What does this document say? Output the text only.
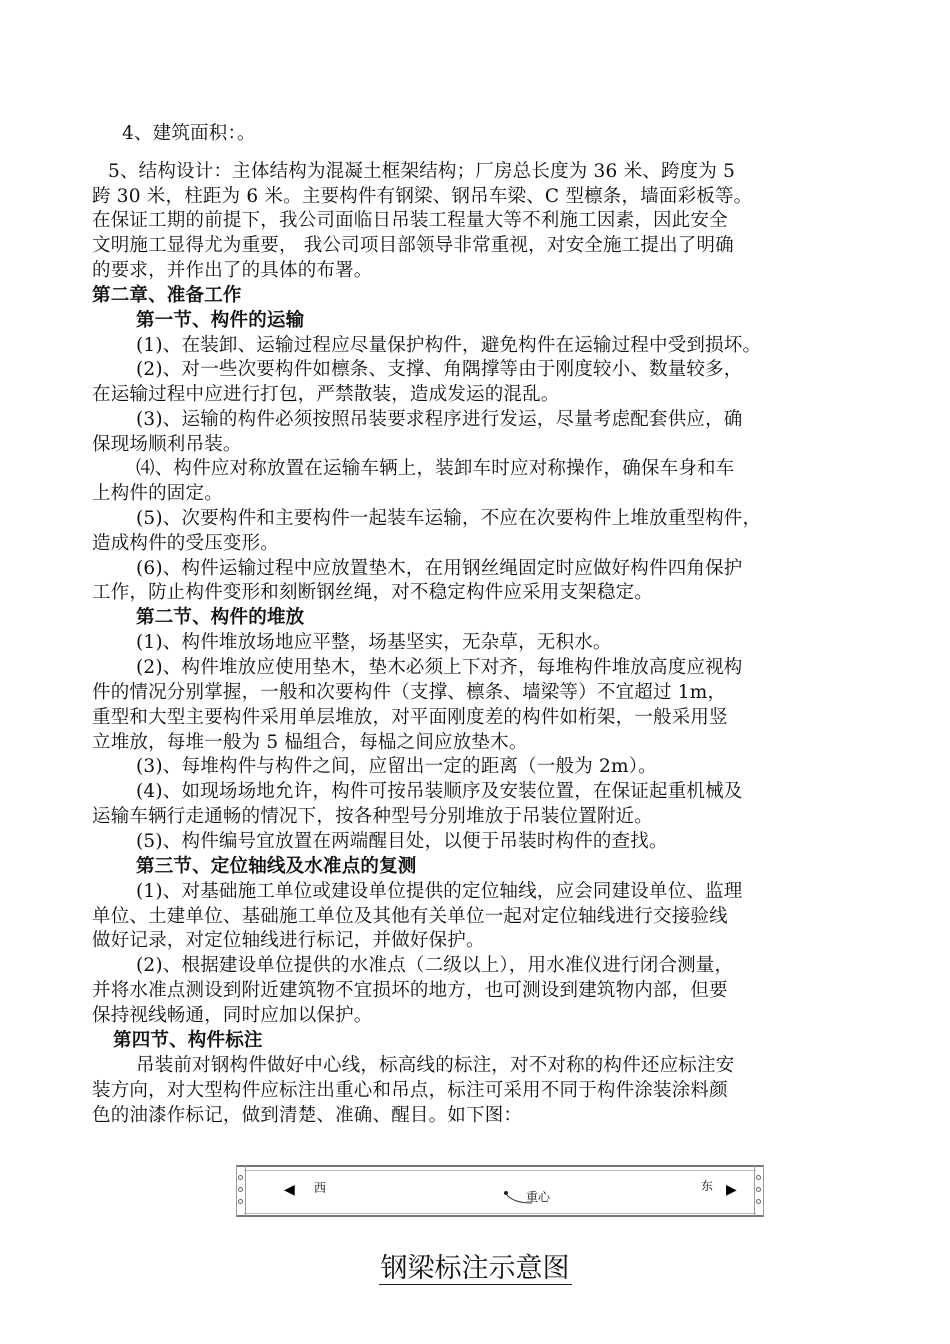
4、建筑面积：。
5、结构设计：主体结构为混凝土框架结构；厂房总长度为 36 米、跨度为 5
跨 30 米，柱距为 6 米。主要构件有钢梁、钢吊车梁、C 型檩条，墙面彩板等。
在保证工期的前提下，我公司面临日吊装工程量大等不利施工因素，因此安全
文明施工显得尤为重要， 我公司项目部领导非常重视，对安全施工提出了明确
的要求，并作出了的具体的布署。
第二章、准备工作
第一节、构件的运输
(1)、在装卸、运输过程应尽量保护构件，避免构件在运输过程中受到损坏。
(2)、对一些次要构件如檩条、支撑、角隅撑等由于刚度较小、数量较多，
在运输过程中应进行打包，严禁散装，造成发运的混乱。
(3)、运输的构件必须按照吊装要求程序进行发运，尽量考虑配套供应，确
保现场顺利吊装。
⑷、构件应对称放置在运输车辆上，装卸车时应对称操作，确保车身和车
上构件的固定。
(5)、次要构件和主要构件一起装车运输，不应在次要构件上堆放重型构件，
造成构件的受压变形。
(6)、构件运输过程中应放置垫木，在用钢丝绳固定时应做好构件四角保护
工作，防止构件变形和刻断钢丝绳，对不稳定构件应采用支架稳定。
第二节、构件的堆放
(1)、构件堆放场地应平整，场基坚实，无杂草，无积水。
(2)、构件堆放应使用垫木，垫木必须上下对齐，每堆构件堆放高度应视构
件的情况分别掌握，一般和次要构件（支撑、檩条、墙梁等）不宜超过 1m，
重型和大型主要构件采用单层堆放，对平面刚度差的构件如桁架，一般采用竖
立堆放，每堆一般为 5 榀组合，每榀之间应放垫木。
(3)、每堆构件与构件之间，应留出一定的距离（一般为 2m）。
(4)、如现场场地允许，构件可按吊装顺序及安装位置，在保证起重机械及
运输车辆行走通畅的情况下，按各种型号分别堆放于吊装位置附近。
(5)、构件编号宜放置在两端醒目处，以便于吊装时构件的查找。
第三节、定位轴线及水准点的复测
(1)、对基础施工单位或建设单位提供的定位轴线，应会同建设单位、监理
单位、土建单位、基础施工单位及其他有关单位一起对定位轴线进行交接验线
做好记录，对定位轴线进行标记，并做好保护。
(2)、根据建设单位提供的水准点（二级以上），用水准仪进行闭合测量，
并将水准点测设到附近建筑物不宜损坏的地方，也可测设到建筑物内部，但要
保持视线畅通，同时应加以保护。
第四节、构件标注
吊装前对钢构件做好中心线，标高线的标注，对不对称的构件还应标注安
装方向，对大型构件应标注出重心和吊点，标注可采用不同于构件涂装涂料颜
色的油漆作标记，做到清楚、准确、醒目。如下图：
◀ 西
重心
东 ▶
钢梁标注示意图
